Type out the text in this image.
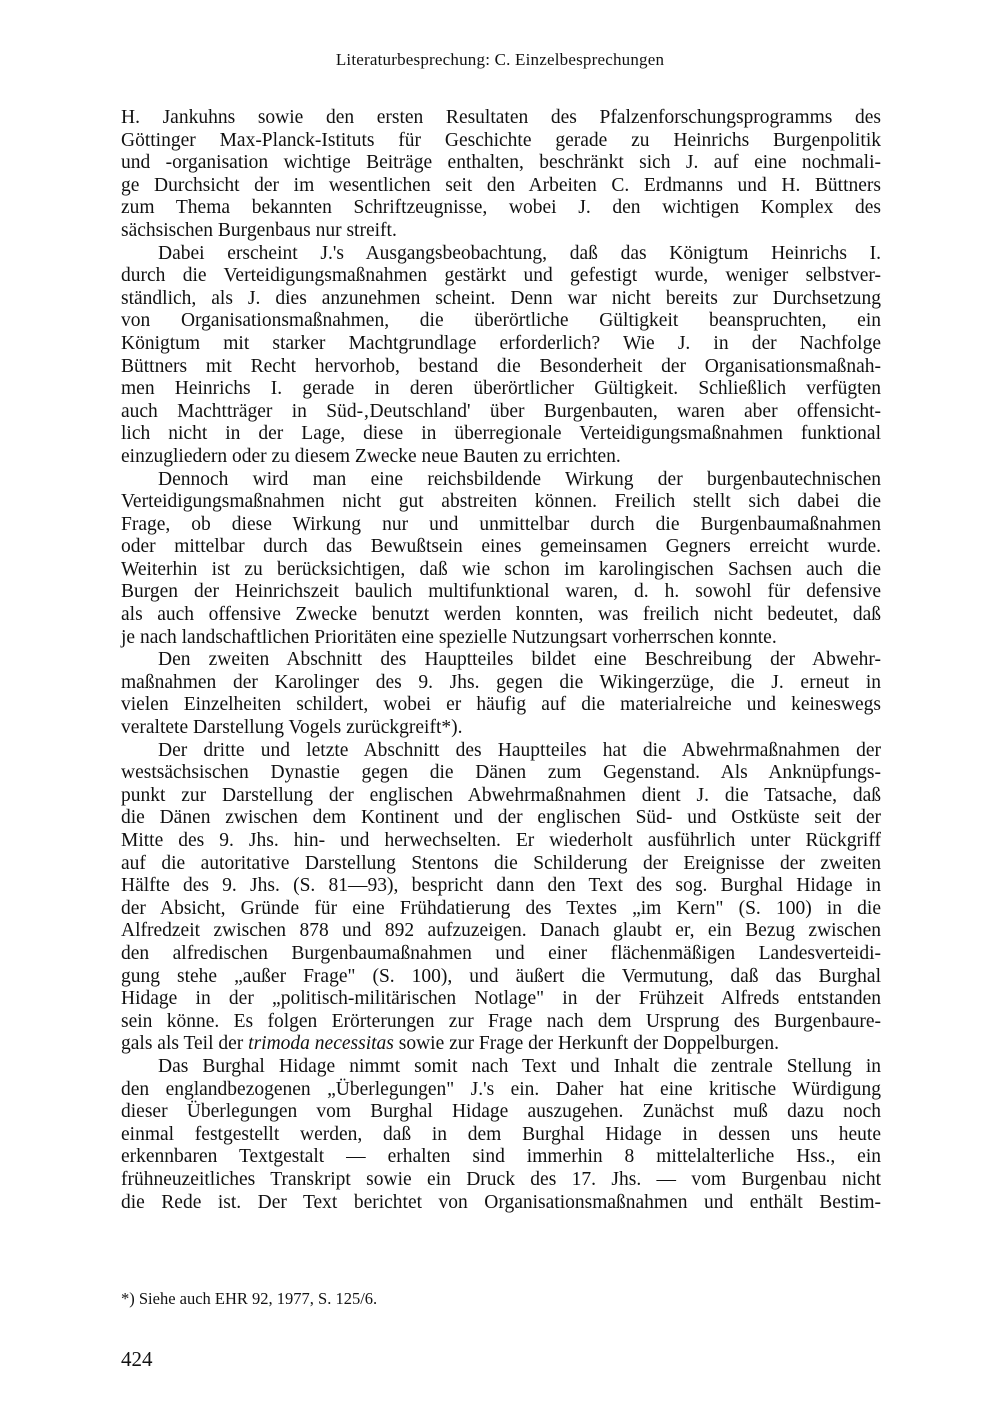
Literaturbesprechung: C. Einzelbesprechungen
H. Jankuhns sowie den ersten Resultaten des Pfalzenforschungsprogramms des
Göttinger Max-Planck-Istituts für Geschichte gerade zu Heinrichs Burgenpolitik
und -organisation wichtige Beiträge enthalten, beschränkt sich J. auf eine nochmali-
ge Durchsicht der im wesentlichen seit den Arbeiten C. Erdmanns und H. Büttners
zum Thema bekannten Schriftzeugnisse, wobei J. den wichtigen Komplex des
sächsischen Burgenbaus nur streift.
Dabei erscheint J.'s Ausgangsbeobachtung, daß das Königtum Heinrichs I.
durch die Verteidigungsmaßnahmen gestärkt und gefestigt wurde, weniger selbstver-
ständlich, als J. dies anzunehmen scheint. Denn war nicht bereits zur Durchsetzung
von Organisationsmaßnahmen, die überörtliche Gültigkeit beanspruchten, ein
Königtum mit starker Machtgrundlage erforderlich? Wie J. in der Nachfolge
Büttners mit Recht hervorhob, bestand die Besonderheit der Organisationsmaßnah-
men Heinrichs I. gerade in deren überörtlicher Gültigkeit. Schließlich verfügten
auch Machtträger in Süd-‚Deutschland' über Burgenbauten, waren aber offensicht-
lich nicht in der Lage, diese in überregionale Verteidigungsmaßnahmen funktional
einzugliedern oder zu diesem Zwecke neue Bauten zu errichten.
Dennoch wird man eine reichsbildende Wirkung der burgenbautechnischen
Verteidigungsmaßnahmen nicht gut abstreiten können. Freilich stellt sich dabei die
Frage, ob diese Wirkung nur und unmittelbar durch die Burgenbaumaßnahmen
oder mittelbar durch das Bewußtsein eines gemeinsamen Gegners erreicht wurde.
Weiterhin ist zu berücksichtigen, daß wie schon im karolingischen Sachsen auch die
Burgen der Heinrichszeit baulich multifunktional waren, d. h. sowohl für defensive
als auch offensive Zwecke benutzt werden konnten, was freilich nicht bedeutet, daß
je nach landschaftlichen Prioritäten eine spezielle Nutzungsart vorherrschen konnte.
Den zweiten Abschnitt des Hauptteiles bildet eine Beschreibung der Abwehr-
maßnahmen der Karolinger des 9. Jhs. gegen die Wikingerzüge, die J. erneut in
vielen Einzelheiten schildert, wobei er häufig auf die materialreiche und keineswegs
veraltete Darstellung Vogels zurückgreift*).
Der dritte und letzte Abschnitt des Hauptteiles hat die Abwehrmaßnahmen der
westsächsischen Dynastie gegen die Dänen zum Gegenstand. Als Anknüpfungs-
punkt zur Darstellung der englischen Abwehrmaßnahmen dient J. die Tatsache, daß
die Dänen zwischen dem Kontinent und der englischen Süd- und Ostküste seit der
Mitte des 9. Jhs. hin- und herwechselten. Er wiederholt ausführlich unter Rückgriff
auf die autoritative Darstellung Stentons die Schilderung der Ereignisse der zweiten
Hälfte des 9. Jhs. (S. 81—93), bespricht dann den Text des sog. Burghal Hidage in
der Absicht, Gründe für eine Frühdatierung des Textes „im Kern" (S. 100) in die
Alfredzeit zwischen 878 und 892 aufzuzeigen. Danach glaubt er, ein Bezug zwischen
den alfredischen Burgenbaumaßnahmen und einer flächenmäßigen Landesverteidi-
gung stehe „außer Frage" (S. 100), und äußert die Vermutung, daß das Burghal
Hidage in der „politisch-militärischen Notlage" in der Frühzeit Alfreds entstanden
sein könne. Es folgen Erörterungen zur Frage nach dem Ursprung des Burgenbaure-
gals als Teil der trimoda necessitas sowie zur Frage der Herkunft der Doppelburgen.
Das Burghal Hidage nimmt somit nach Text und Inhalt die zentrale Stellung in
den englandbezogenen „Überlegungen" J.'s ein. Daher hat eine kritische Würdigung
dieser Überlegungen vom Burghal Hidage auszugehen. Zunächst muß dazu noch
einmal festgestellt werden, daß in dem Burghal Hidage in dessen uns heute
erkennbaren Textgestalt — erhalten sind immerhin 8 mittelalterliche Hss., ein
frühneuzeitliches Transkript sowie ein Druck des 17. Jhs. — vom Burgenbau nicht
die Rede ist. Der Text berichtet von Organisationsmaßnahmen und enthält Bestim-
*) Siehe auch EHR 92, 1977, S. 125/6.
424
